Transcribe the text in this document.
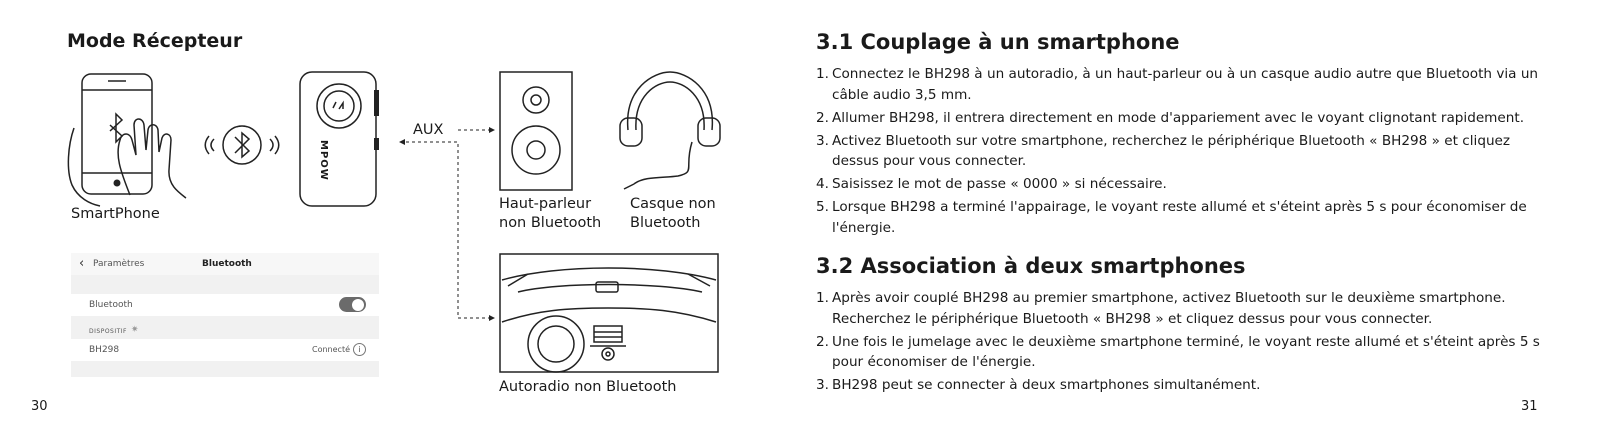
Mode Récepteur
SmartPhone
MPOW
AUX
Haut-parleur
non Bluetooth
Casque non
Bluetooth
Autoradio non Bluetooth
‹ Paramètres	Bluetooth
Bluetooth
DISPOSITIF ✷
BH298	Connecté	i
30
3.1 Couplage à un smartphone
1. Connectez le BH298 à un autoradio, à un haut-parleur ou à un casque audio autre que Bluetooth via un câble audio 3,5 mm.
2. Allumer BH298, il entrera directement en mode d'appariement avec le voyant clignotant rapidement.
3. Activez Bluetooth sur votre smartphone, recherchez le périphérique Bluetooth « BH298 » et cliquez dessus pour vous connecter.
4. Saisissez le mot de passe « 0000 » si nécessaire.
5. Lorsque BH298 a terminé l'appairage, le voyant reste allumé et s'éteint après 5 s pour économiser de l'énergie.
3.2 Association à deux smartphones
1. Après avoir couplé BH298 au premier smartphone, activez Bluetooth sur le deuxième smartphone. Recherchez le périphérique Bluetooth « BH298 » et cliquez dessus pour vous connecter.
2. Une fois le jumelage avec le deuxième smartphone terminé, le voyant reste allumé et s'éteint après 5 s pour économiser de l'énergie.
3. BH298 peut se connecter à deux smartphones simultanément.
31
